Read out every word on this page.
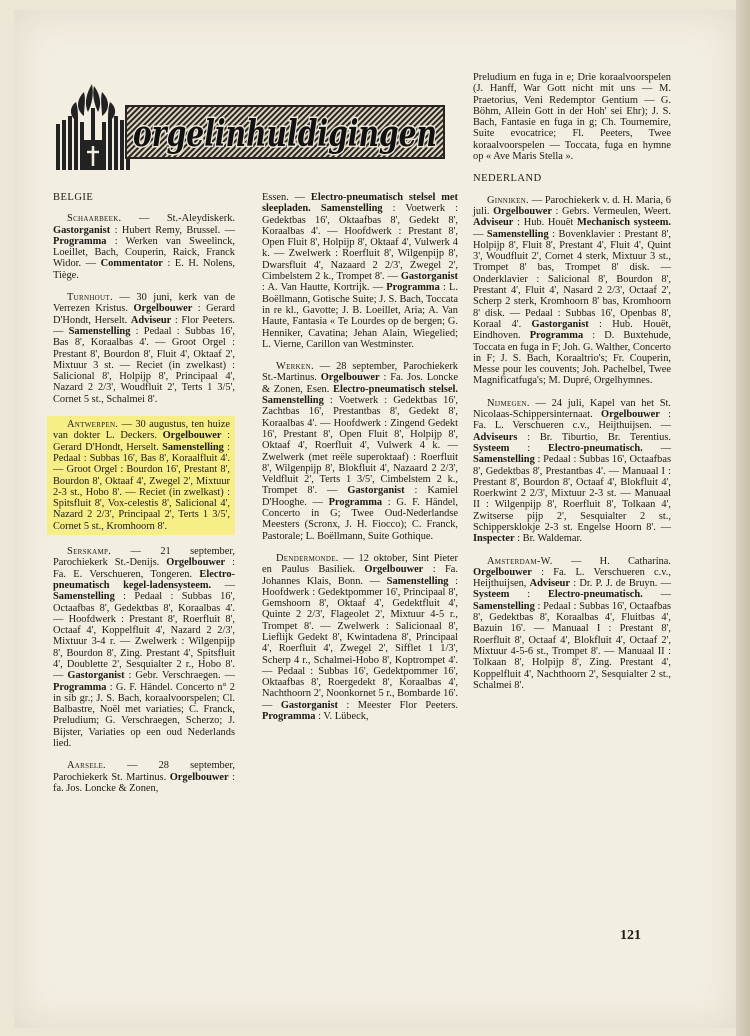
orgelinhuldigingen
BELGIE

Schaarbeek. — St.-Aleydiskerk. Gastorganist : Hubert Remy, Brussel. — Programma : Werken van Sweelinck, Loeillet, Bach, Couperin, Raick, Franck Widor. — Commentator : E. H. Nolens, Tiège.

Turnhout. — 30 juni, kerk van de Verrezen Kristus. Orgelbouwer : Gerard D'Hondt, Herselt. Adviseur : Flor Peeters. — Samenstelling : Pedaal : Subbas 16', Bas 8', Koraalbas 4'. — Groot Orgel : Prestant 8', Bourdon 8', Fluit 4', Oktaaf 2', Mixtuur 3 st. — Reciet (in zwelkast) : Salicional 8', Holpijp 8', Principaal 4', Nazard 2 2/3', Woudfluit 2', Terts 1 3/5', Cornet 5 st., Schalmei 8'.

Antwerpen. — 30 augustus, ten huize van dokter L. Deckers. Orgelbouwer : Gerard D'Hondt, Herselt. Samenstelling : Pedaal : Subbas 16', Bas 8', Koraalfluit 4'. — Groot Orgel : Bourdon 16', Prestant 8', Bourdon 8', Oktaaf 4', Zwegel 2', Mixtuur 2-3 st., Hobo 8'. — Reciet (in zwelkast) : Spitsfluit 8', Vox-celestis 8', Salicional 4', Nazard 2 2/3', Principaal 2', Terts 1 3/5', Cornet 5 st., Kromhoorn 8'.

Serskamp. — 21 september, Parochiekerk St.-Denijs. Orgelbouwer : Fa. E. Verschueren, Tongeren. Electro-pneumatisch kegel-ladensysteem. — Samenstelling : Pedaal : Subbas 16', Octaafbas 8', Gedektbas 8', Koraalbas 4'. — Hoofdwerk : Prestant 8', Roerfluit 8', Octaaf 4', Koppelfluit 4', Nazard 2 2/3', Mixtuur 3-4 r. — Zwelwerk : Wilgenpijp 8', Bourdon 8', Zing. Prestant 4', Spitsfluit 4', Doublette 2', Sesquialter 2 r., Hobo 8'. — Gastorganist : Gebr. Verschraegen. — Programma : G. F. Händel. Concerto n° 2 in sib gr.; J. S. Bach, koraalvoorspelen; Cl. Balbastre, Noël met variaties; C. Franck, Preludium; G. Verschraegen, Scherzo; J. Bijster, Variaties op een oud Nederlands lied.

Aarsele. — 28 september, Parochiekerk St. Martinus. Orgelbouwer : fa. Jos. Loncke & Zonen,

Essen. — Electro-pneumatisch stelsel met sleepladen. Samenstelling : Voetwerk : Gedektbas 16', Oktaafbas 8', Gedekt 8', Koraalbas 4'. — Hoofdwerk : Prestant 8', Open Fluit 8', Holpijp 8', Oktaaf 4', Vulwerk 4 k. — Zwelwerk : Roerfluit 8', Wilgenpijp 8', Dwarsfluit 4', Nazaard 2 2/3', Zwegel 2', Cimbelstem 2 k., Trompet 8'. — Gastorganist : A. Van Hautte, Kortrijk. — Programma : L. Boëllmann, Gotische Suite; J. S. Bach, Toccata in re kl., Gavotte; J. B. Loeillet, Aria; A. Van Haute, Fantasia « Te Lourdes op de bergen; G. Henniker, Cavatina; Jehan Alain, Wiegelied; L. Vierne, Carillon van Westminster.

Werken. — 28 september, Parochiekerk St.-Martinus. Orgelbouwer : Fa. Jos. Loncke & Zonen, Esen. Electro-pneumatisch stelsel. Samenstelling : Voetwerk : Gedektbas 16', Zachtbas 16', Prestantbas 8', Gedekt 8', Koraalbas 4'. — Hoofdwerk : Zingend Gedekt 16', Prestant 8', Open Fluit 8', Holpijp 8', Oktaaf 4', Roerfluit 4', Vulwerk 4 k. — Zwelwerk (met reële superoktaaf) : Roerfluit 8', Wilgenpijp 8', Blokfluit 4', Nazaard 2 2/3', Veldfluit 2', Terts 1 3/5', Cimbelstem 2 k., Trompet 8'. — Gastorganist : Kamiel D'Hooghe. — Programma : G. F. Händel, Concerto in G; Twee Oud-Nederlandse Meesters (Scronx, J. H. Fiocco); C. Franck, Pastorale; L. Boëllmann, Suite Gothique.

Dendermonde. — 12 oktober, Sint Pieter en Paulus Basiliek. Orgelbouwer : Fa. Johannes Klais, Bonn. — Samenstelling : Hoofdwerk : Gedektpommer 16', Principaal 8', Gemshoorn 8', Oktaaf 4', Gedektfluit 4', Quinte 2 2/3', Flageolet 2', Mixtuur 4-5 r., Trompet 8'. — Zwelwerk : Salicionaal 8', Lieflijk Gedekt 8', Kwintadena 8', Principaal 4', Roerfluit 4', Zwegel 2', Sifflet 1 1/3', Scherp 4 r., Schalmei-Hobo 8', Koptrompet 4'. — Pedaal : Subbas 16', Gedektpommer 16', Oktaafbas 8', Roergedekt 8', Koraalbas 4', Nachthoorn 2', Noonkornet 5 r., Bombarde 16'. — Gastorganist : Meester Flor Peeters. Programma : V. Lübeck,

Preludium en fuga in e; Drie koraalvoorspelen (J. Hanff, War Gott nicht mit uns — M. Praetorius, Veni Redemptor Gentium — G. Böhm, Allein Gott in der Hoh' sei Ehr); J. S. Bach, Fantasie en fuga in g; Ch. Tournemire, Suite evocatrice; Fl. Peeters, Twee koraalvoorspelen — Toccata, fuga en hymne op « Ave Maris Stella ».

NEDERLAND

Ginniken. — Parochiekerk v. d. H. Maria, 6 juli. Orgelbouwer : Gebrs. Vermeulen, Weert. Adviseur : Hub. Houët Mechanisch systeem. — Samenstelling : Bovenklavier : Prestant 8', Holpijp 8', Fluit 8', Prestant 4', Fluit 4', Quint 3', Woudfluit 2', Cornet 4 sterk, Mixtuur 3 st., Trompet 8' bas, Trompet 8' disk. — Onderklavier : Salicional 8', Bourdon 8', Prestant 4', Fluit 4', Nasard 2 2/3', Octaaf 2', Scherp 2 sterk, Kromhoorn 8' bas, Kromhoorn 8' disk. — Pedaal : Subbas 16', Openbas 8', Koraal 4'. Gastorganist : Hub. Houët, Eindhoven. Programma : D. Buxtehude, Toccata en fuga in F; Joh. G. Walther, Concerto in F; J. S. Bach, Koraaltrio's; Fr. Couperin, Messe pour les couvents; Joh. Pachelbel, Twee Magnificatfuga's; M. Dupré, Orgelhymnes.

Nijmegen. — 24 juli, Kapel van het St. Nicolaas-Schippersinternaat. Orgelbouwer : Fa. L. Verschueren c.v., Heijthuijsen. — Adviseurs : Br. Tiburtio, Br. Terentius. Systeem : Electro-pneumatisch. — Samenstelling : Pedaal : Subbas 16', Octaafbas 8', Gedektbas 8', Prestantbas 4'. — Manuaal I : Prestant 8', Bourdon 8', Octaaf 4', Blokfluit 4', Roerkwint 2 2/3', Mixtuur 2-3 st. — Manuaal II : Wilgenpijp 8', Roerfluit 8', Tolkaan 4', Zwitserse pijp 2', Sesquialter 2 st., Schippersklokje 2-3 st. Engelse Hoorn 8'. — Inspecter : Br. Waldemar.

Amsterdam-W. — H. Catharina. Orgelbouwer : Fa. L. Verschueren c.v., Heijthuijsen, Adviseur : Dr. P. J. de Bruyn. — Systeem : Electro-pneumatisch. — Samenstelling : Pedaal : Subbas 16', Octaafbas 8', Gedektbas 8', Koraalbas 4', Fluitbas 4', Bazuin 16'. — Manuaal I : Prestant 8', Roerfluit 8', Octaaf 4', Blokfluit 4', Octaaf 2', Mixtuur 4-5-6 st., Trompet 8'. — Manuaal II : Tolkaan 8', Holpijp 8', Zing. Prestant 4', Koppelfluit 4', Nachthoorn 2', Sesquialter 2 st., Schalmei 8'.

121
